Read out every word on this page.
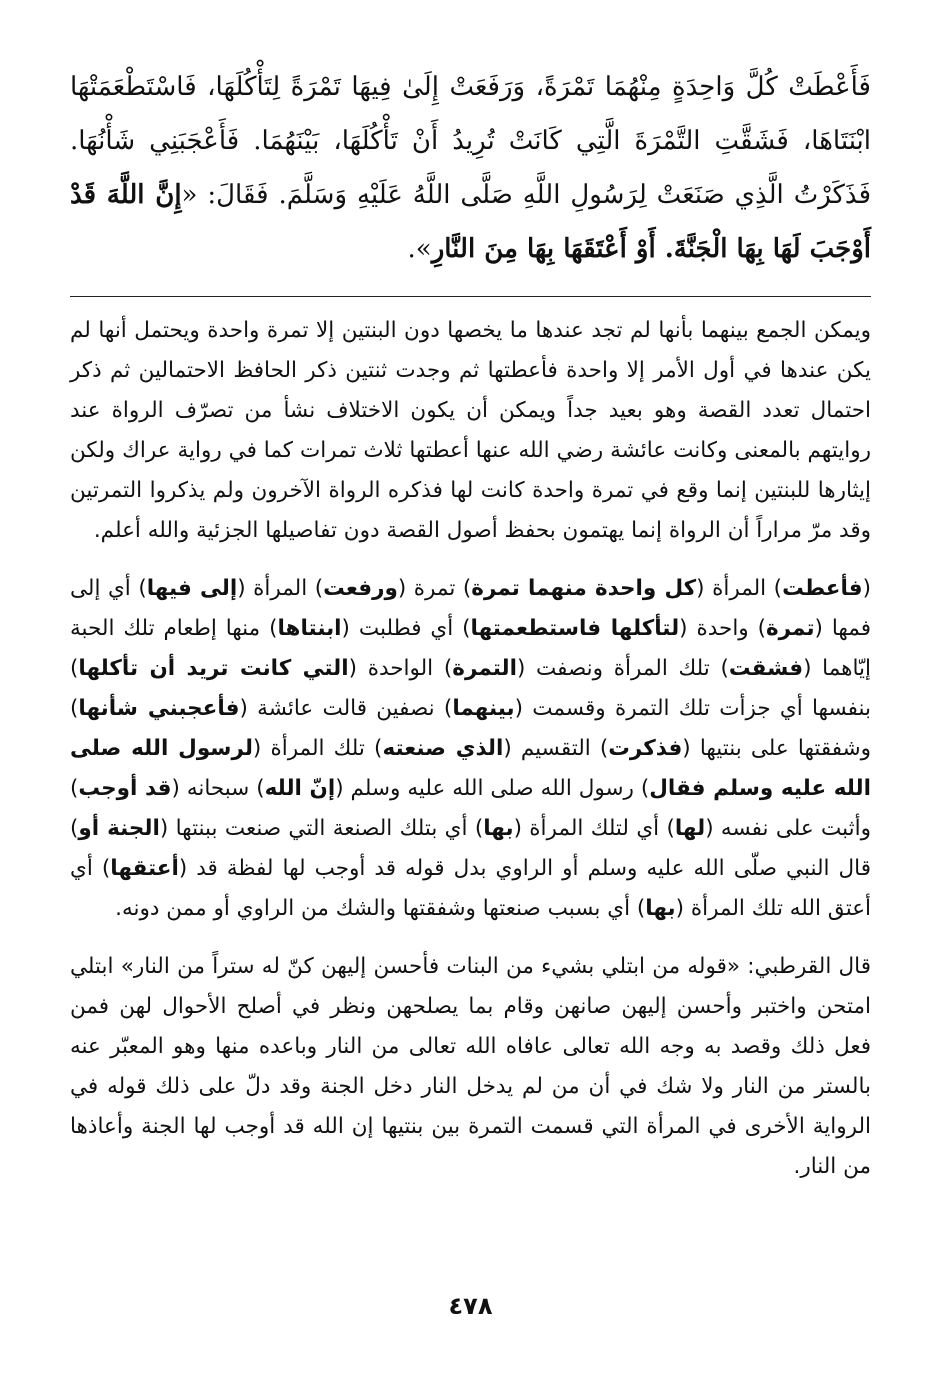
فَأَعْطَتْ كُلَّ وَاحِدَةٍ مِنْهُمَا تَمْرَةً، وَرَفَعَتْ إِلَىٰ فِيهَا تَمْرَةً لِتَأْكُلَهَا، فَاسْتَطْعَمَتْهَا ابْنَتَاهَا، فَشَقَّتِ التَّمْرَةَ الَّتِي كَانَتْ تُرِيدُ أَنْ تَأْكُلَهَا، بَيْنَهُمَا. فَأَعْجَبَنِي شَأْنُهَا. فَذَكَرْتُ الَّذِي صَنَعَتْ لِرَسُولِ اللَّهِ صَلَّى اللَّهُ عَلَيْهِ وَسَلَّمَ. فَقَالَ: «إِنَّ اللَّهَ قَدْ أَوْجَبَ لَهَا بِهَا الْجَنَّةَ. أَوْ أَعْتَقَهَا بِهَا مِنَ النَّارِ».

ويمكن الجمع بينهما بأنها لم تجد عندها ما يخصها دون البنتين إلا تمرة واحدة ويحتمل أنها لم يكن عندها في أول الأمر إلا واحدة فأعطتها ثم وجدت ثنتين ذكر الحافظ الاحتمالين ثم ذكر احتمال تعدد القصة وهو بعيد جداً ويمكن أن يكون الاختلاف نشأ من تصرّف الرواة عند روايتهم بالمعنى وكانت عائشة رضي الله عنها أعطتها ثلاث تمرات كما في رواية عراك ولكن إيثارها للبنتين إنما وقع في تمرة واحدة كانت لها فذكره الرواة الآخرون ولم يذكروا التمرتين وقد مرّ مراراً أن الرواة إنما يهتمون بحفظ أصول القصة دون تفاصيلها الجزئية والله أعلم.

(فأعطت) المرأة (كل واحدة منهما تمرة) تمرة (ورفعت) المرأة (إلى فيها) أي إلى فمها (تمرة) واحدة (لتأكلها فاستطعمتها) أي فطلبت (ابنتاها) منها إطعام تلك الحبة إيّاهما (فشقت) تلك المرأة ونصفت (التمرة) الواحدة (التي كانت تريد أن تأكلها) بنفسها أي جزأت تلك التمرة وقسمت (بينهما) نصفين قالت عائشة (فأعجبني شأنها) وشفقتها على بنتيها (فذكرت) التقسيم (الذي صنعته) تلك المرأة (لرسول الله صلى الله عليه وسلم فقال) رسول الله صلى الله عليه وسلم (إنّ الله) سبحانه (قد أوجب) وأثبت على نفسه (لها) أي لتلك المرأة (بها) أي بتلك الصنعة التي صنعت ببنتها (الجنة أو) قال النبي صلّى الله عليه وسلم أو الراوي بدل قوله قد أوجب لها لفظة قد (أعتقها) أي أعتق الله تلك المرأة (بها) أي بسبب صنعتها وشفقتها والشك من الراوي أو ممن دونه.

قال القرطبي: «قوله من ابتلي بشيء من البنات فأحسن إليهن كنّ له ستراً من النار» ابتلي امتحن واختبر وأحسن إليهن صانهن وقام بما يصلحهن ونظر في أصلح الأحوال لهن فمن فعل ذلك وقصد به وجه الله تعالى عافاه الله تعالى من النار وباعده منها وهو المعبّر عنه بالستر من النار ولا شك في أن من لم يدخل النار دخل الجنة وقد دلّ على ذلك قوله في الرواية الأخرى في المرأة التي قسمت التمرة بين بنتيها إن الله قد أوجب لها الجنة وأعاذها من النار.

٤٧٨
